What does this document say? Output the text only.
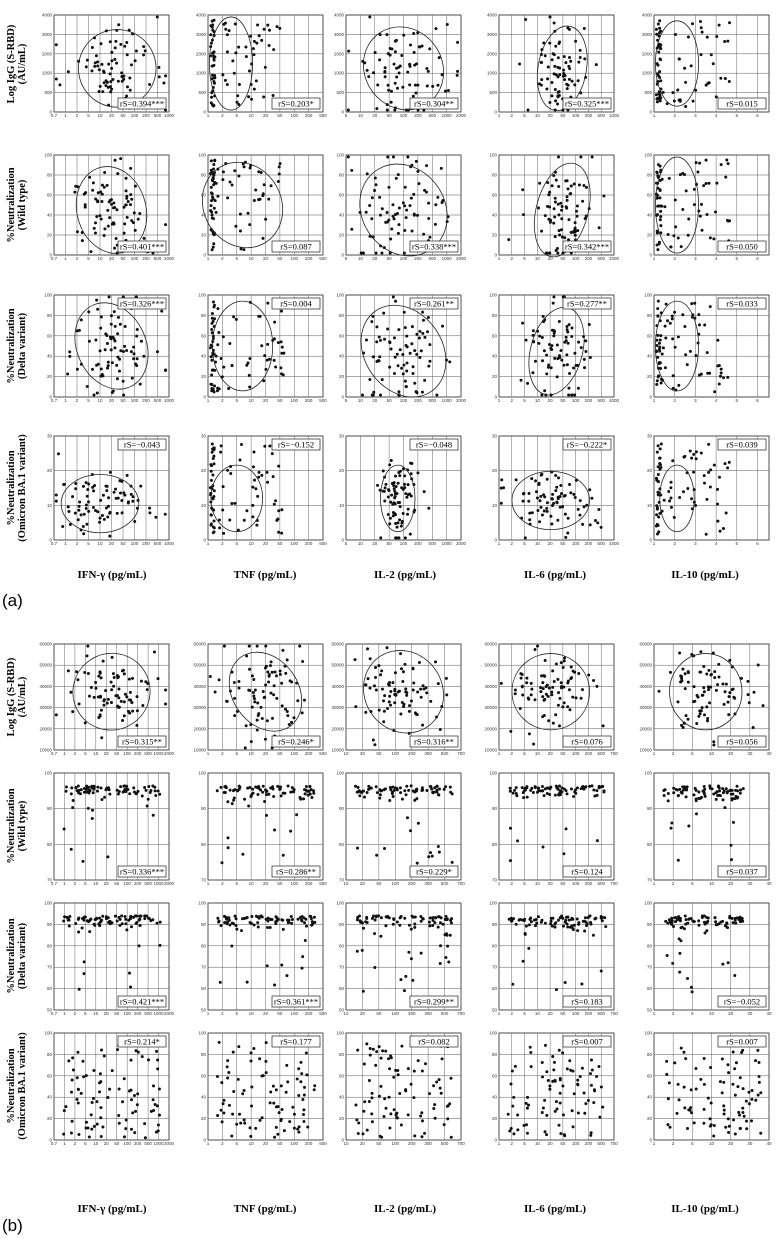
4000
3000
2000
1000
500
0
0.7 1 2 5 10 20 50 100 200 500 1000
rS=0.394***
4000
3000
2000
1000
500
0
1	2	5 10 20 50 100 200 500
rS=0.203*
4000
3000
2000
1000
500
0
5 10 20 50 100 200 500 1000 2000
rS=0.304**
4000
3000
2000
1000
500
0
1 2 5 10 20 50 100 200 500 1000
rS=0.325***
4000
3000
2000
1000
500
0
1	2	3	4	5	6
rS=0.015
100
80
60
40
20
0
0.7 1 2 5 10 20 50 100 200 500 1000
rS=0.401***
100
80
60
40
20
0
1	2	5 10 20 50 100 200 500
rS=0.087
100
80
60
40
20
0
5 10 20 50 100 200 500 1000 2000
rS=0.338***
100
80
60
40
20
0
1 2 5 10 20 50 100 200 500 1000
rS=0.342***
100
80
60
40
20
0
1	2	3	4	5	6
rS=0.050
100
80
60
40
20
0
0.7 1 2 5 10 20 50 100 200 500 1000
rS=0.326***
100
80
60
40
20
0
1	2	5 10 20 50 100 200 500
rS=0.004
100
80
60
40
20
0
5 10 20 50 100 200 500 1000 2000
rS=0.261**
100
80
60
40
20
0
1 2 5 10 20 50 100 200 500 1000
rS=0.277**
100
80
60
40
20
0
1	2	3	4	5	6
rS=0.033
30
20
10
0
0.7 1 2 5 10 20 50 100 200 500 1000
rS=−0.043
30
20
10
0
1	2	5 10 20 50 100 200 500
rS=−0.152
30
20
10
0
5 10 20 50 100 200 500 1000 2000
rS=−0.048
30
20
10
0
1 2 5 10 20 50 100 200 500 1000
rS=−0.222*
30
20
10
0
1	2	3	4	5	6
rS=0.039
60000
50000
40000
30000
20000
10000
0.7 1 2 5 10 20 50 100 200 500 1000 2000
rS=0.315**
60000
50000
40000
30000
20000
10000
1	2	5 10 20 50 100 200 500
rS=0.246*
60000
50000
40000
30000
20000
10000
10	20	50 100 200 300 500 700
rS=0.316**
60000
50000
40000
30000
20000
10000
1 2 5 10 20 50 100 200 500 700
rS=0.076
60000
50000
40000
30000
20000
10000
1	2	5	10	20	30	40
rS=0.056
100
90
80
70
0.7 1 2 5 10 20 50 100 200 500 1000 2000
rS=0.336***
100
90
80
70
1	2	5 10 20 50 100 200 500
rS=0.286**
100
90
80
70
10	20	50 100 200 300 500 700
rS=0.229*
100
90
80
70
1 2 5 10 20 50 100 200 500 700
rS=0.124
100
90
80
70
1	2	5	10	20	30	40
rS=0.037
100
90
80
70
60
50
0.7 1 2 5 10 20 50 100 200 500 1000 2000
rS=0.421***
100
90
80
70
60
50
1	2	5 10 20 50 100 200 500
rS=0.361***
100
90
80
70
60
50
10	20	50 100 200 300 500 700
rS=0.299**
100
90
80
70
60
50
1 2 5 10 20 50 100 200 500 700
rS=0.183
100
90
80
70
60
50
1	2	5	10	20	30	40
rS=−0.052
100
80
60
40
20
0
0.7 1 2 5 10 20 50 100 200 500 1000 2000
rS=0.214*
100
80
60
40
20
0
1	2	5 10 20 50 100 200 500
rS=0.177
100
80
60
40
20
0
10	20	50 100 200 300 500 700
rS=0.082
100
80
60
40
20
0
1 2 5 10 20 50 100 200 500 700
rS=0.007
100
80
60
40
20
0
1	2	5	10	20	30	40
rS=0.007
Log IgG (S-RBD) (AU/mL)
%Neutralization (Wild type)
%Neutralization (Delta variant)
%Neutralization (Omicron BA.1 variant)
Log IgG (S-RBD) (AU/mL)
%Neutralization (Wild type)
%Neutralization (Delta variant)
%Neutralization (Omicron BA.1 variant)
IFN-γ (pg/mL)	TNF (pg/mL)	IL-2 (pg/mL)	IL-6 (pg/mL)	IL-10 (pg/mL)
(a)
IFN-γ (pg/mL)	TNF (pg/mL)	IL-2 (pg/mL)	IL-6 (pg/mL)	IL-10 (pg/mL)
(b)
